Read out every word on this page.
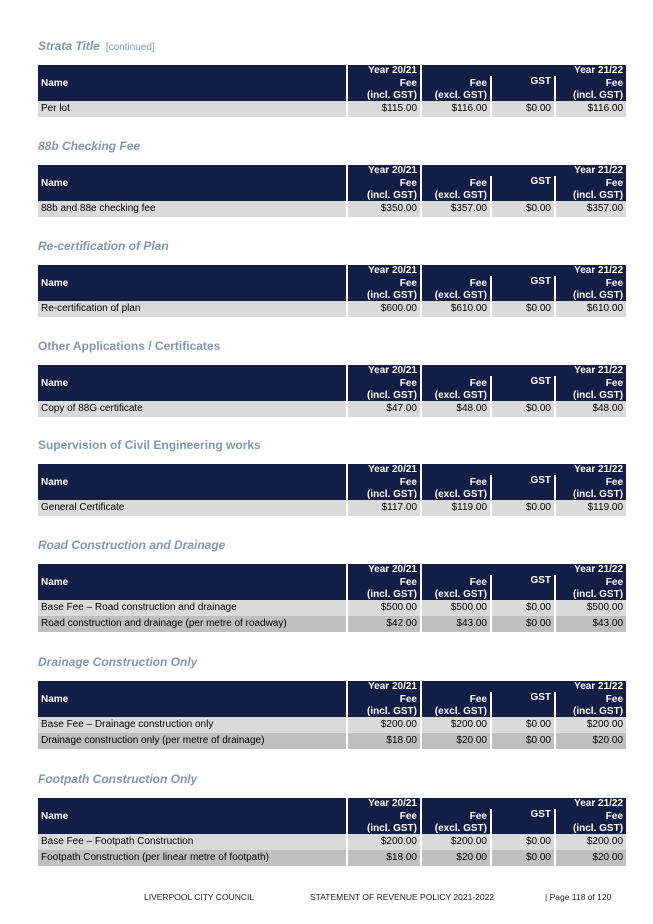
Strata Title [continued]
Name	Year 20/21	Year 21/22		
	Fee	Fee	GST	Fee
	(incl. GST)	(excl. GST)		(incl. GST)
Per lot	$115.00	$116.00	$0.00	$116.00
88b Checking Fee
Name	Year 20/21	Year 21/22		
	Fee	Fee	GST	Fee
	(incl. GST)	(excl. GST)		(incl. GST)
88b and 88e checking fee	$350.00	$357.00	$0.00	$357.00
Re-certification of Plan
Name	Year 20/21	Year 21/22		
	Fee	Fee	GST	Fee
	(incl. GST)	(excl. GST)		(incl. GST)
Re-certification of plan	$600.00	$610.00	$0.00	$610.00
Other Applications / Certificates
Name	Year 20/21	Year 21/22		
	Fee	Fee	GST	Fee
	(incl. GST)	(excl. GST)		(incl. GST)
Copy of 88G certificate	$47.00	$48.00	$0.00	$48.00
Supervision of Civil Engineering works
Name	Year 20/21	Year 21/22		
	Fee	Fee	GST	Fee
	(incl. GST)	(excl. GST)		(incl. GST)
General Certificate	$117.00	$119.00	$0.00	$119.00
Road Construction and Drainage
Name	Year 20/21	Year 21/22		
	Fee	Fee	GST	Fee
	(incl. GST)	(excl. GST)		(incl. GST)
Base Fee – Road construction and drainage	$500.00	$500.00	$0.00	$500.00
Road construction and drainage (per metre of roadway)	$42.00	$43.00	$0.00	$43.00
Drainage Construction Only
Name	Year 20/21	Year 21/22		
	Fee	Fee	GST	Fee
	(incl. GST)	(excl. GST)		(incl. GST)
Base Fee – Drainage construction only	$200.00	$200.00	$0.00	$200.00
Drainage construction only (per metre of drainage)	$18.00	$20.00	$0.00	$20.00
Footpath Construction Only
Name	Year 20/21	Year 21/22		
	Fee	Fee	GST	Fee
	(incl. GST)	(excl. GST)		(incl. GST)
Base Fee – Footpath Construction	$200.00	$200.00	$0.00	$200.00
Footpath Construction (per linear metre of footpath)	$18.00	$20.00	$0.00	$20.00
LIVERPOOL CITY COUNCIL	STATEMENT OF REVENUE POLICY 2021-2022	| Page 118 of 120
